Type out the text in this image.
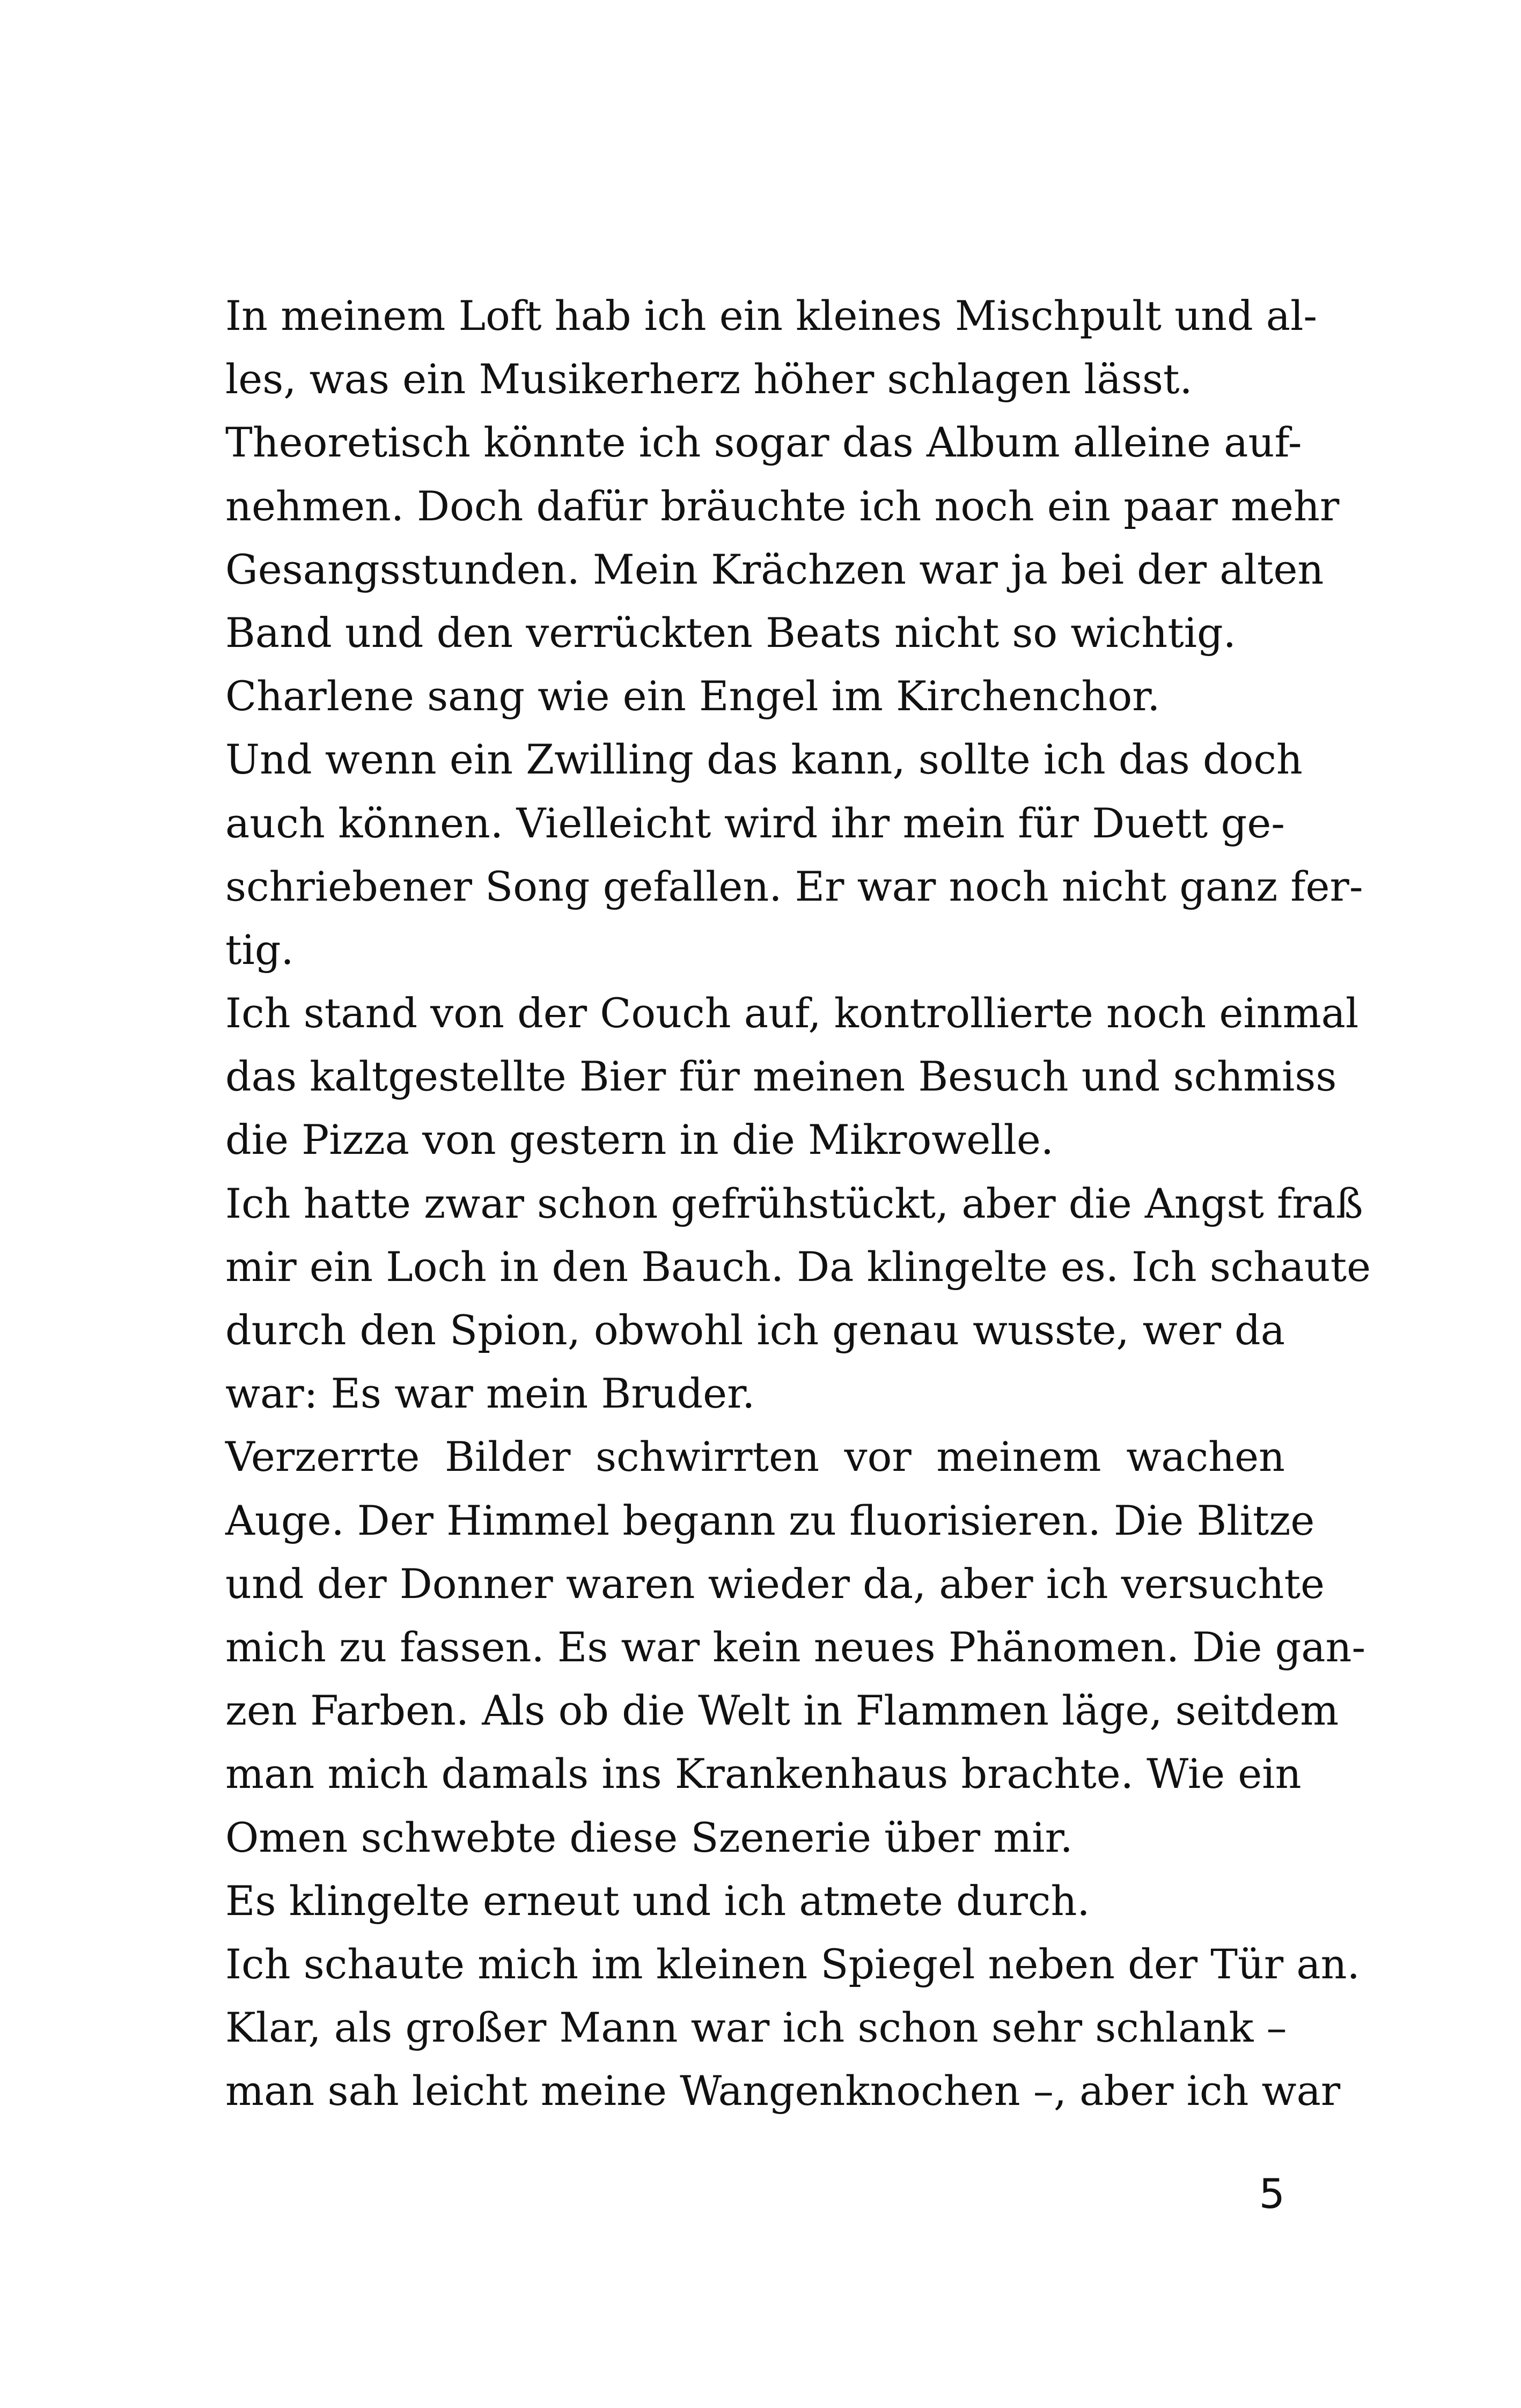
In meinem Loft hab ich ein kleines Mischpult und al-
les, was ein Musikerherz höher schlagen lässt.
Theoretisch könnte ich sogar das Album alleine auf-
nehmen. Doch dafür bräuchte ich noch ein paar mehr
Gesangsstunden. Mein Krächzen war ja bei der alten
Band und den verrückten Beats nicht so wichtig.
Charlene sang wie ein Engel im Kirchenchor.
Und wenn ein Zwilling das kann, sollte ich das doch
auch können. Vielleicht wird ihr mein für Duett ge-
schriebener Song gefallen. Er war noch nicht ganz fer-
tig.
Ich stand von der Couch auf, kontrollierte noch einmal
das kaltgestellte Bier für meinen Besuch und schmiss
die Pizza von gestern in die Mikrowelle.
Ich hatte zwar schon gefrühstückt, aber die Angst fraß
mir ein Loch in den Bauch. Da klingelte es. Ich schaute
durch den Spion, obwohl ich genau wusste, wer da
war: Es war mein Bruder.
Verzerrte Bilder schwirrten vor meinem wachen
Auge. Der Himmel begann zu fluorisieren. Die Blitze
und der Donner waren wieder da, aber ich versuchte
mich zu fassen. Es war kein neues Phänomen. Die gan-
zen Farben. Als ob die Welt in Flammen läge, seitdem
man mich damals ins Krankenhaus brachte. Wie ein
Omen schwebte diese Szenerie über mir.
Es klingelte erneut und ich atmete durch.
Ich schaute mich im kleinen Spiegel neben der Tür an.
Klar, als großer Mann war ich schon sehr schlank –
man sah leicht meine Wangenknochen –, aber ich war
5
